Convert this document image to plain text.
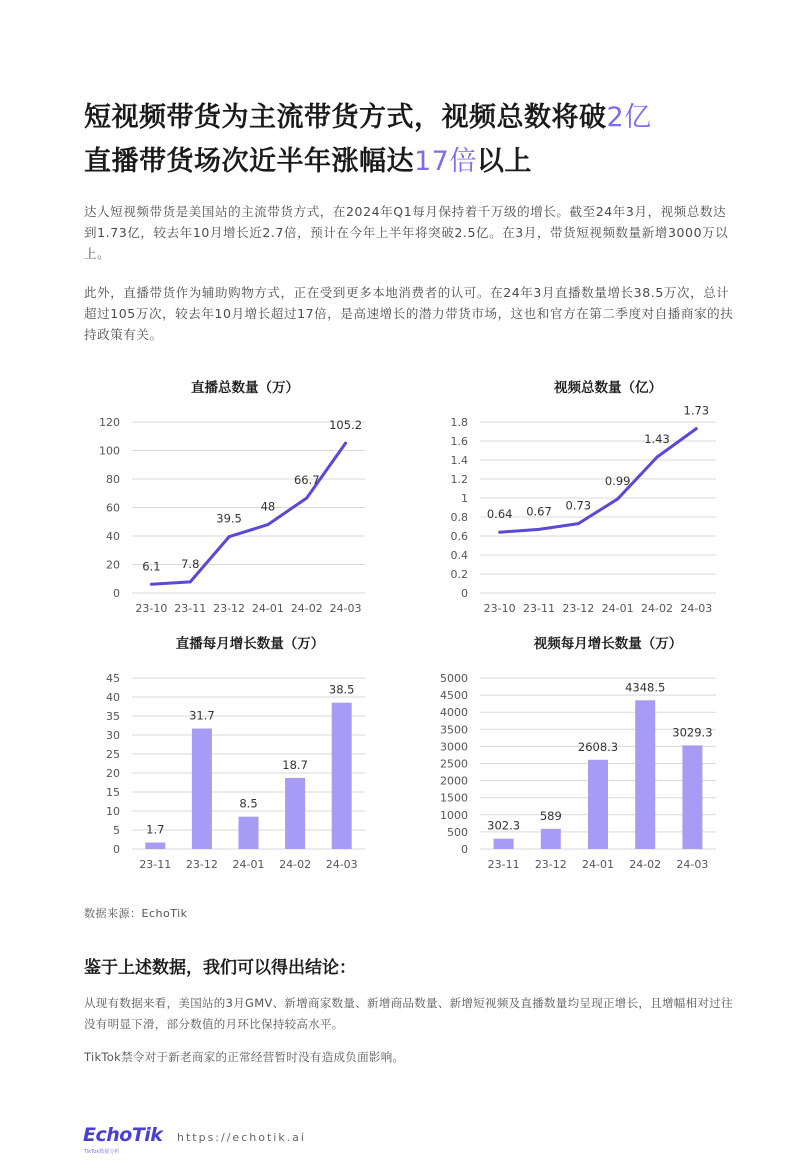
短视频带货为主流带货方式，视频总数将破2亿
直播带货场次近半年涨幅达17倍以上
达人短视频带货是美国站的主流带货方式，在2024年Q1每月保持着千万级的增长。截至24年3月，视频总数达到1.73亿，较去年10月增长近2.7倍，预计在今年上半年将突破2.5亿。在3月，带货短视频数量新增3000万以上。
此外，直播带货作为辅助购物方式，正在受到更多本地消费者的认可。在24年3月直播数量增长38.5万次，总计超过105万次，较去年10月增长超过17倍，是高速增长的潜力带货市场，这也和官方在第二季度对自播商家的扶持政策有关。
直播总数量（万）
0
20
40
60
80
100
120
23-10 23-11 23-12 24-01 24-02 24-03
6.1 7.8
39.5
48
66.7
105.2
视频总数量（亿）
0
0.2
0.4
0.6
0.8
1
1.2
1.4
1.6
1.8
23-10 23-11 23-12 24-01 24-02 24-03
0.64 0.67 0.73
0.99
1.43
1.73
直播每月增长数量（万）
0
5
10
15
20
25
30
35
40
45
23-11 23-12 24-01 24-02 24-03
1.7
31.7
8.5
18.7
38.5
视频每月增长数量（万）
0
500
1000
1500
2000
2500
3000
3500
4000
4500
5000
23-11 23-12 24-01 24-02 24-03
302.3
589
2608.3
4348.5
3029.3
数据来源：EchoTik
鉴于上述数据，我们可以得出结论：
从现有数据来看，美国站的3月GMV、新增商家数量、新增商品数量、新增短视频及直播数量均呈现正增长，且增幅相对过往没有明显下滑，部分数值的月环比保持较高水平。
TikTok禁令对于新老商家的正常经营暂时没有造成负面影响。
EchoTik
TikTok数据分析
https://echotik.ai
